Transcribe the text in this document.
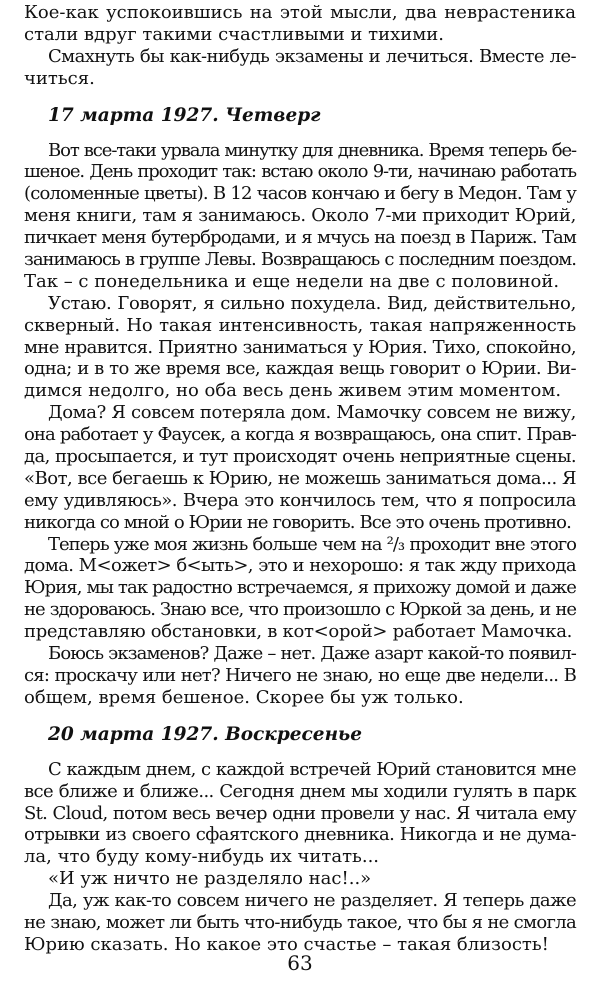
Кое-как успокоившись на этой мысли, два неврастеника
стали вдруг такими счастливыми и тихими.
Смахнуть бы как-нибудь экзамены и лечиться. Вместе ле-
читься.
17 марта 1927. Четверг
Вот все-таки урвала минутку для дневника. Время теперь бе-
шеное. День проходит так: встаю около 9-ти, начинаю работать
(соломенные цветы). В 12 часов кончаю и бегу в Медон. Там у
меня книги, там я занимаюсь. Около 7-ми приходит Юрий,
пичкает меня бутербродами, и я мчусь на поезд в Париж. Там
занимаюсь в группе Левы. Возвращаюсь с последним поездом.
Так – с понедельника и еще недели на две с половиной.
Устаю. Говорят, я сильно похудела. Вид, действительно,
скверный. Но такая интенсивность, такая напряженность
мне нравится. Приятно заниматься у Юрия. Тихо, спокойно,
одна; и в то же время все, каждая вещь говорит о Юрии. Ви-
димся недолго, но оба весь день живем этим моментом.
Дома? Я совсем потеряла дом. Мамочку совсем не вижу,
она работает у Фаусек, а когда я возвращаюсь, она спит. Прав-
да, просыпается, и тут происходят очень неприятные сцены.
«Вот, все бегаешь к Юрию, не можешь заниматься дома... Я
ему удивляюсь». Вчера это кончилось тем, что я попросила
никогда со мной о Юрии не говорить. Все это очень противно.
Теперь уже моя жизнь больше чем на ²/₃ проходит вне этого
дома. М<ожет> б<ыть>, это и нехорошо: я так жду прихода
Юрия, мы так радостно встречаемся, я прихожу домой и даже
не здороваюсь. Знаю все, что произошло с Юркой за день, и не
представляю обстановки, в кот<орой> работает Мамочка.
Боюсь экзаменов? Даже – нет. Даже азарт какой-то появил-
ся: проскачу или нет? Ничего не знаю, но еще две недели... В
общем, время бешеное. Скорее бы уж только.
20 марта 1927. Воскресенье
С каждым днем, с каждой встречей Юрий становится мне
все ближе и ближе... Сегодня днем мы ходили гулять в парк
St. Cloud, потом весь вечер одни провели у нас. Я читала ему
отрывки из своего сфаятского дневника. Никогда и не дума-
ла, что буду кому-нибудь их читать...
«И уж ничто не разделяло нас!..»
Да, уж как-то совсем ничего не разделяет. Я теперь даже
не знаю, может ли быть что-нибудь такое, что бы я не смогла
Юрию сказать. Но какое это счастье – такая близость!
63
